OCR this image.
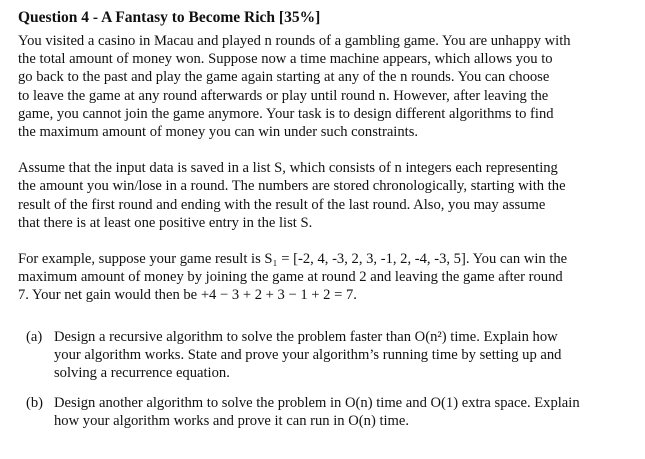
Question 4 - A Fantasy to Become Rich [35%]
You visited a casino in Macau and played n rounds of a gambling game. You are unhappy with
the total amount of money won. Suppose now a time machine appears, which allows you to
go back to the past and play the game again starting at any of the n rounds. You can choose
to leave the game at any round afterwards or play until round n. However, after leaving the
game, you cannot join the game anymore. Your task is to design different algorithms to find
the maximum amount of money you can win under such constraints.
Assume that the input data is saved in a list S, which consists of n integers each representing
the amount you win/lose in a round. The numbers are stored chronologically, starting with the
result of the first round and ending with the result of the last round. Also, you may assume
that there is at least one positive entry in the list S.
For example, suppose your game result is S₁ = [-2, 4, -3, 2, 3, -1, 2, -4, -3, 5]. You can win the
maximum amount of money by joining the game at round 2 and leaving the game after round
7. Your net gain would then be +4 − 3 + 2 + 3 − 1 + 2 = 7.
(a) Design a recursive algorithm to solve the problem faster than O(n²) time. Explain how
your algorithm works. State and prove your algorithm’s running time by setting up and
solving a recurrence equation.
(b) Design another algorithm to solve the problem in O(n) time and O(1) extra space. Explain
how your algorithm works and prove it can run in O(n) time.
